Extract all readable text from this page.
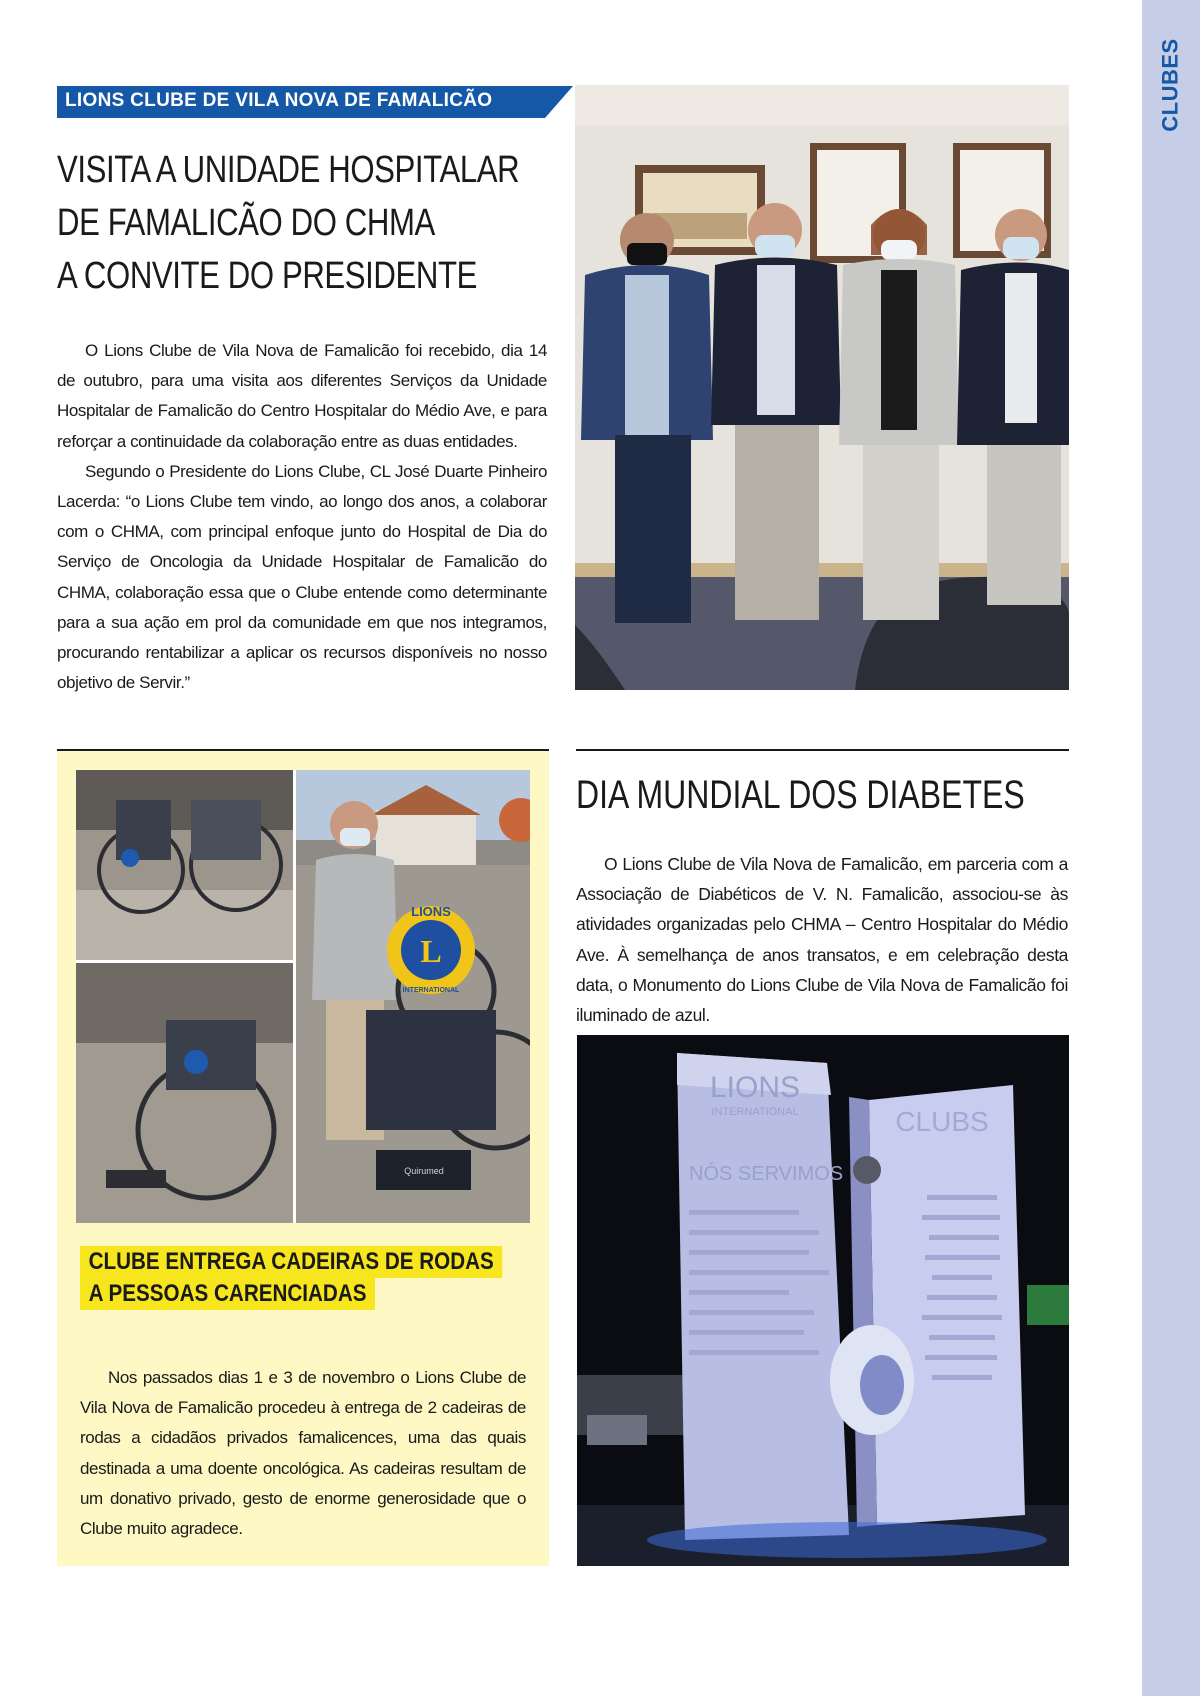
CLUBES
LIONS CLUBE DE VILA NOVA DE FAMALICÃO
VISITA A UNIDADE HOSPITALAR
DE FAMALICÃO DO CHMA
A CONVITE DO PRESIDENTE

O Lions Clube de Vila Nova de Famalicão foi recebido, dia 14 de outubro, para uma visita aos diferentes Serviços da Unidade Hospitalar de Famalicão do Centro Hospitalar do Médio Ave, e para reforçar a continuidade da colaboração entre as duas entidades.

Segundo o Presidente do Lions Clube, CL José Duarte Pinheiro Lacerda: “o Lions Clube tem vindo, ao longo dos anos, a colaborar com o CHMA, com principal enfoque junto do Hospital de Dia do Serviço de Oncologia da Unidade Hospitalar de Famalicão do CHMA, colaboração essa que o Clube entende como determinante para a sua ação em prol da comunidade em que nos integramos, procurando rentabilizar a aplicar os recursos disponíveis no nosso objetivo de Servir.”

L
LIONS
INTERNATIONAL
Quirumed
CLUBE ENTREGA CADEIRAS DE RODAS
A PESSOAS CARENCIADAS

Nos passados dias 1 e 3 de novembro o Lions Clube de Vila Nova de Famalicão procedeu à entrega de 2 cadeiras de rodas a cidadãos privados famalicences, uma das quais destinada a uma doente oncológica. As cadeiras resultam de um donativo privado, gesto de enorme generosidade que o Clube muito agradece.

DIA MUNDIAL DOS DIABETES

O Lions Clube de Vila Nova de Famalicão, em parceria com a Associação de Diabéticos de V. N. Famalicão, associou-se às atividades organizadas pelo CHMA – Centro Hospitalar do Médio Ave. À semelhança de anos transatos, e em celebração desta data, o Monumento do Lions Clube de Vila Nova de Famalicão foi iluminado de azul.

LIONS
INTERNATIONAL	CLUBS
NÓS SERVIMOS
